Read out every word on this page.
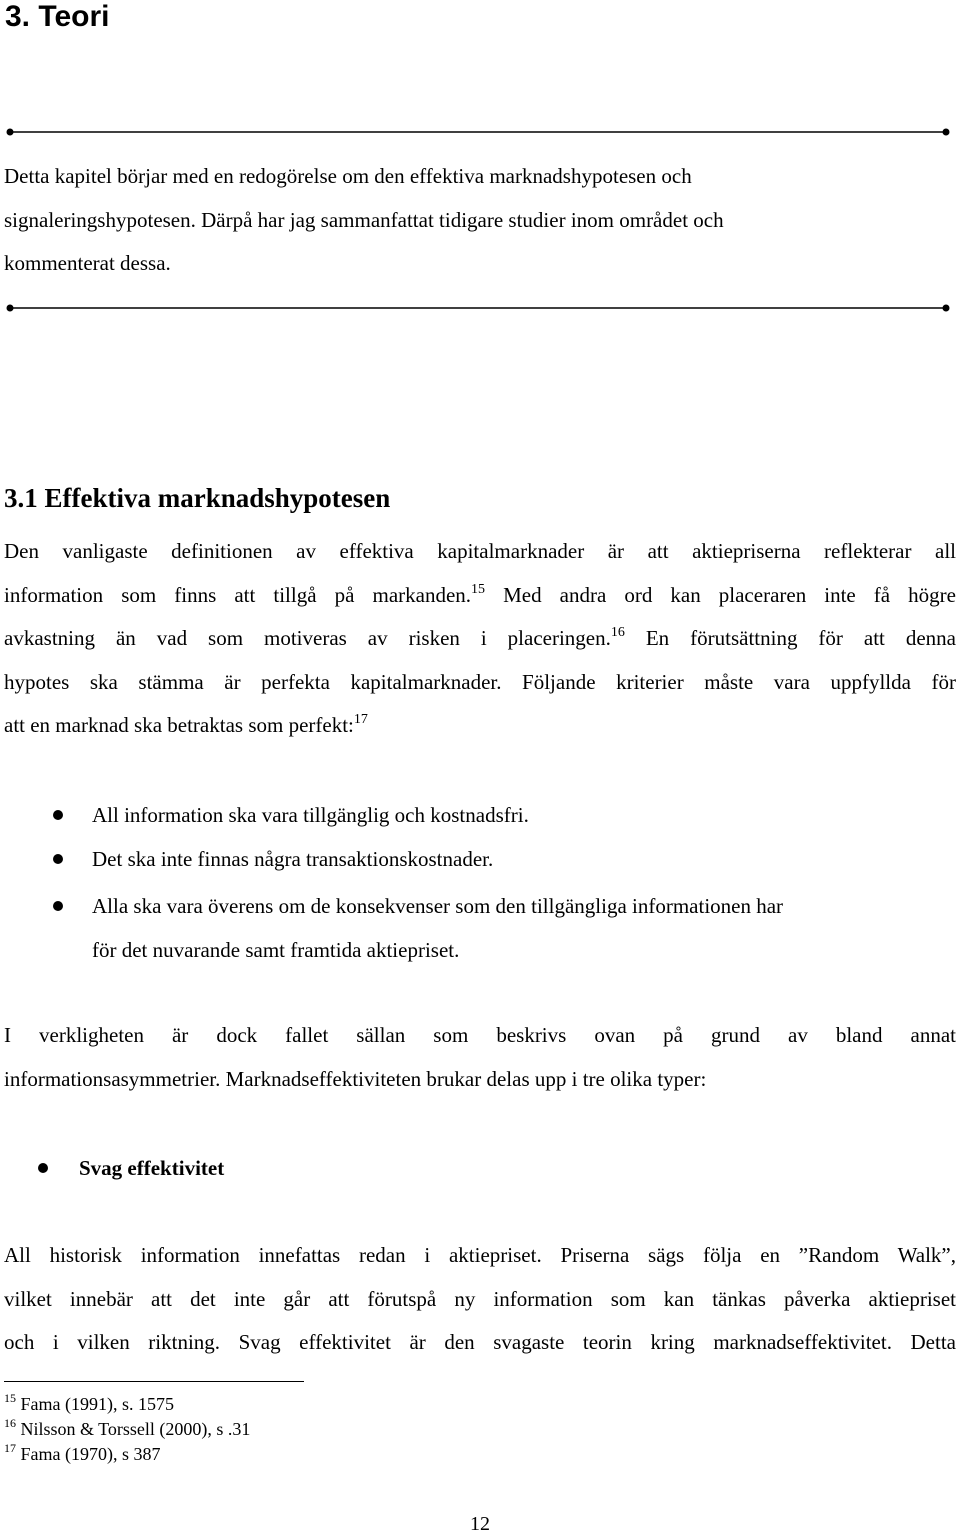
3. Teori
Detta kapitel börjar med en redogörelse om den effektiva marknadshypotesen och
signaleringshypotesen. Därpå har jag sammanfattat tidigare studier inom området och
kommenterat dessa.
3.1 Effektiva marknadshypotesen
Den vanligaste definitionen av effektiva kapitalmarknader är att aktiepriserna reflekterar all
information som finns att tillgå på markanden.$^{15}$ Med andra ord kan placeraren inte få högre
avkastning än vad som motiveras av risken i placeringen.$^{16}$ En förutsättning för att denna
hypotes ska stämma är perfekta kapitalmarknader. Följande kriterier måste vara uppfyllda för
att en marknad ska betraktas som perfekt:$^{17}$
All information ska vara tillgänglig och kostnadsfri.
Det ska inte finnas några transaktionskostnader.
Alla ska vara överens om de konsekvenser som den tillgängliga informationen har
för det nuvarande samt framtida aktiepriset.
I verkligheten är dock fallet sällan som beskrivs ovan på grund av bland annat
informationsasymmetrier. Marknadseffektiviteten brukar delas upp i tre olika typer:
Svag effektivitet
All historisk information innefattas redan i aktiepriset. Priserna sägs följa en ”Random Walk”,
vilket innebär att det inte går att förutspå ny information som kan tänkas påverka aktiepriset
och i vilken riktning. Svag effektivitet är den svagaste teorin kring marknadseffektivitet. Detta
$^{15}$ Fama (1991), s. 1575
$^{16}$ Nilsson & Torssell (2000), s .31
$^{17}$ Fama (1970), s 387
12
